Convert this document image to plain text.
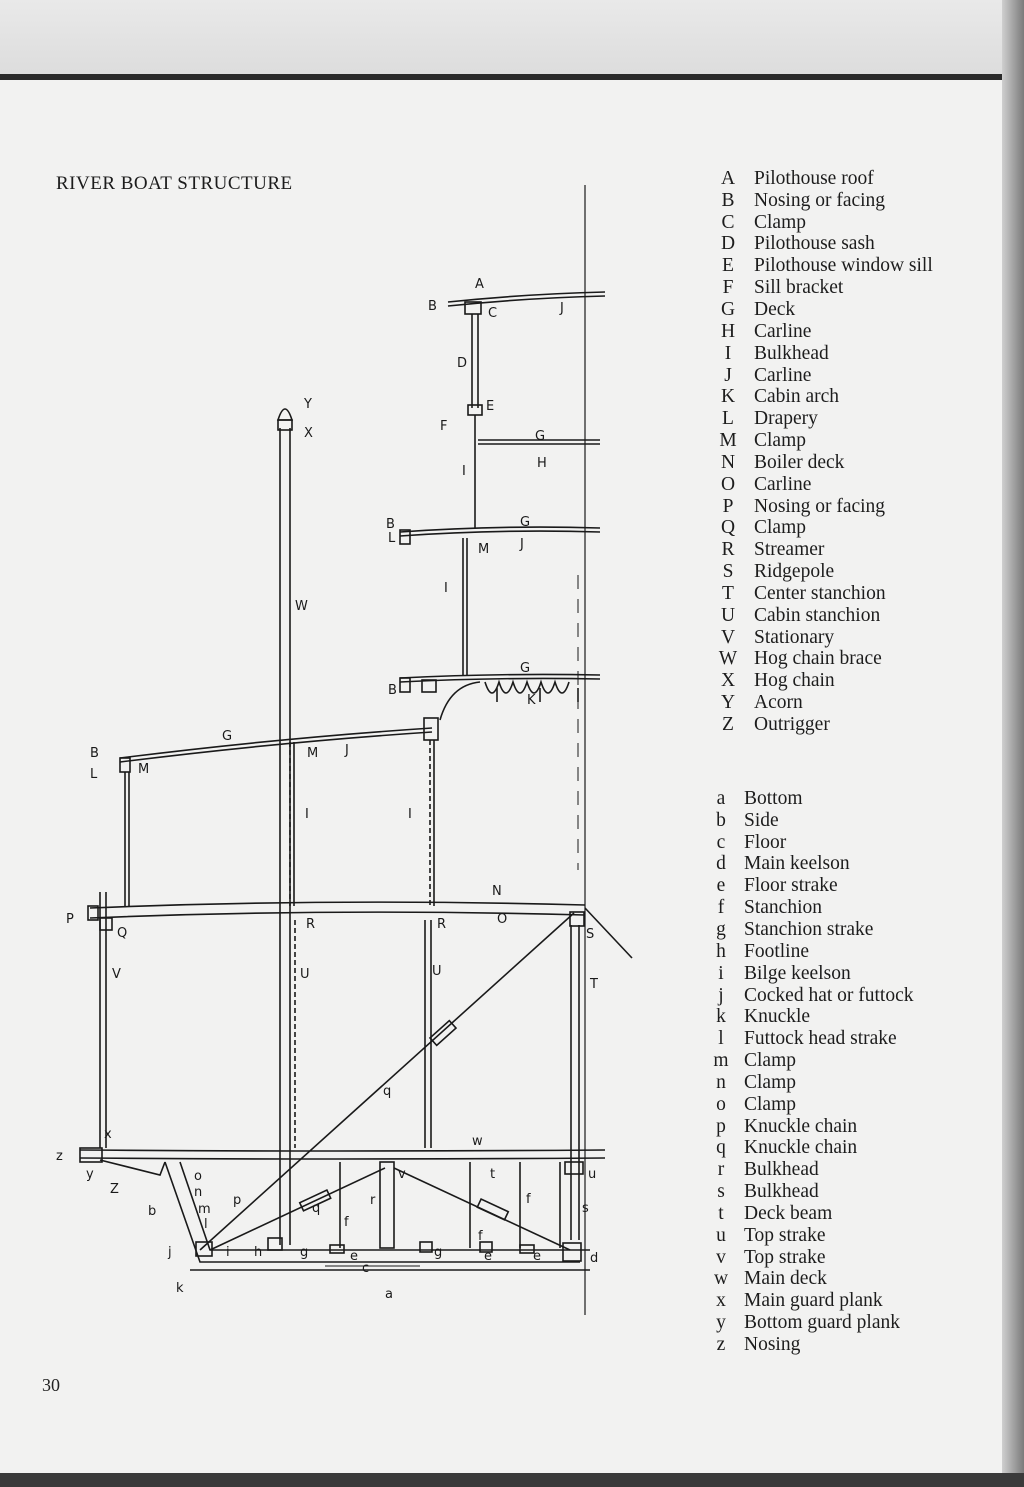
RIVER BOAT STRUCTURE
A
B	C
D
E
F
G
H
I
J
B
L
G
J
M
I
G
B
K
Y
X
W
G
B
L	M
M J
I	I
N
O
P
Q
R	R
S
T
U	U
V
Z
q
x
z
y
w
t	u
v
o
n
m
l
b
p
q
r	f
f
f
s
j	i h	g	g
e	e	e	d
c
k	a
A Pilothouse roof
B	Nosing or facing
C	Clamp
D Pilothouse sash
E	Pilothouse window sill
F	Sill bracket
G Deck
H Carline
I	Bulkhead
J	Carline
K Cabin arch
L	Drapery
M Clamp
N Boiler deck
O Carline
P	Nosing or facing
Q Clamp
R	Streamer
S	Ridgepole
T	Center stanchion
U Cabin stanchion
V Stationary
W Hog chain brace
X Hog chain
Y Acorn
Z	Outrigger
a Bottom
b Side
c Floor
d Main keelson
e Floor strake
f	Stanchion
g Stanchion strake
h Footline
i	Bilge keelson
j	Cocked hat or futtock
k Knuckle
l	Futtock head strake
m Clamp
n Clamp
o Clamp
p Knuckle chain
q Knuckle chain
r	Bulkhead
s Bulkhead
t	Deck beam
u Top strake
v Top strake
w Main deck
x Main guard plank
y Bottom guard plank
z Nosing
30
